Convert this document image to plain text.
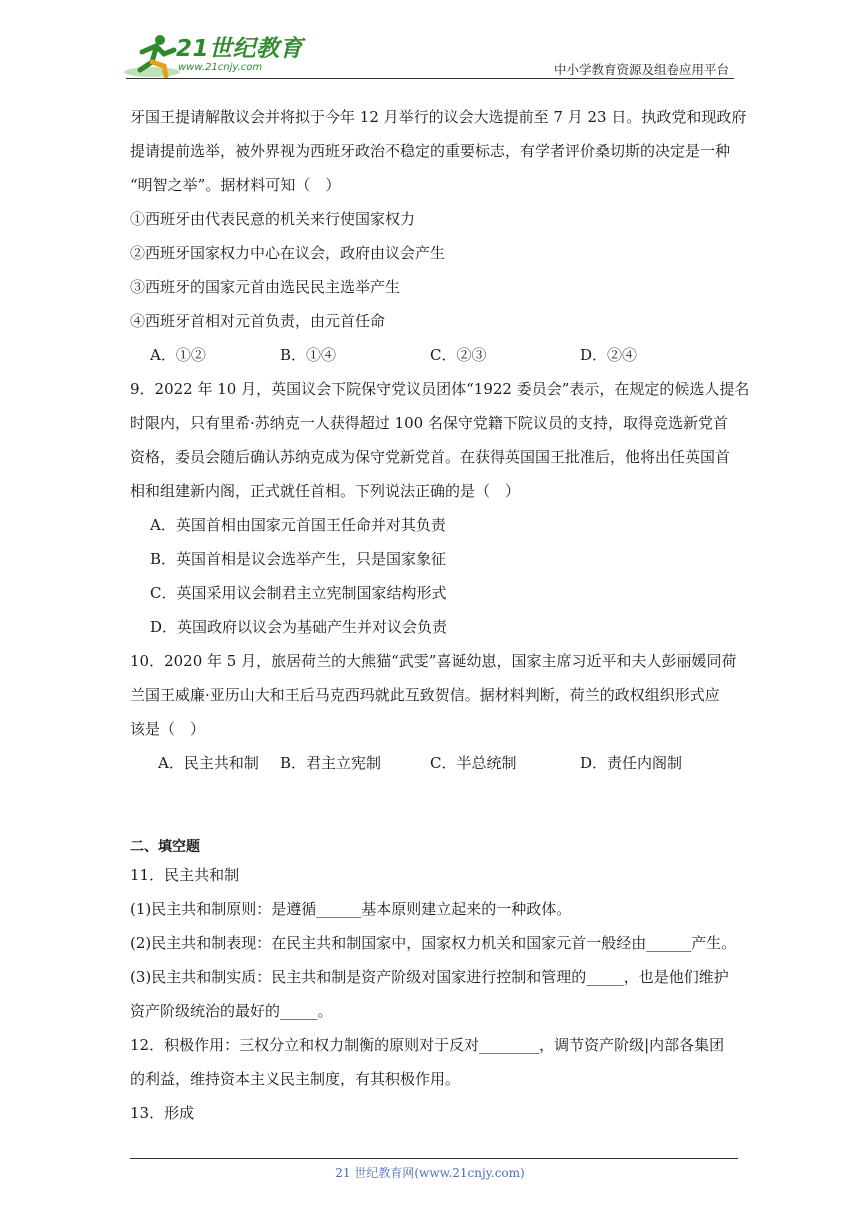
21世纪教育
www.21cnjy.com	中小学教育资源及组卷应用平台

牙国王提请解散议会并将拟于今年 12 月举行的议会大选提前至 7 月 23 日。执政党和现政府

提请提前选举，被外界视为西班牙政治不稳定的重要标志，有学者评价桑切斯的决定是一种

“明智之举”。据材料可知（　）

①西班牙由代表民意的机关来行使国家权力

②西班牙国家权力中心在议会，政府由议会产生

③西班牙的国家元首由选民民主选举产生

④西班牙首相对元首负责，由元首任命

A．①②	B．①④	C．②③	D．②④

9．2022 年 10 月，英国议会下院保守党议员团体“1922 委员会”表示，在规定的候选人提名

时限内，只有里希·苏纳克一人获得超过 100 名保守党籍下院议员的支持，取得竞选新党首

资格，委员会随后确认苏纳克成为保守党新党首。在获得英国国王批准后，他将出任英国首

相和组建新内阁，正式就任首相。下列说法正确的是（　）

A．英国首相由国家元首国王任命并对其负责

B．英国首相是议会选举产生，只是国家象征

C．英国采用议会制君主立宪制国家结构形式

D．英国政府以议会为基础产生并对议会负责

10．2020 年 5 月，旅居荷兰的大熊猫“武雯”喜诞幼崽，国家主席习近平和夫人彭丽媛同荷

兰国王威廉·亚历山大和王后马克西玛就此互致贺信。据材料判断，荷兰的政权组织形式应

该是（　）

A．民主共和制 B．君主立宪制	C．半总统制	D．责任内阁制
二、填空题

11．民主共和制

(1)民主共和制原则：是遵循______基本原则建立起来的一种政体。

(2)民主共和制表现：在民主共和制国家中，国家权力机关和国家元首一般经由______产生。

(3)民主共和制实质：民主共和制是资产阶级对国家进行控制和管理的_____，也是他们维护

资产阶级统治的最好的_____。

12．积极作用：三权分立和权力制衡的原则对于反对________，调节资产阶级|内部各集团

的利益，维持资本主义民主制度，有其积极作用。

13．形成

21 世纪教育网(www.21cnjy.com)
